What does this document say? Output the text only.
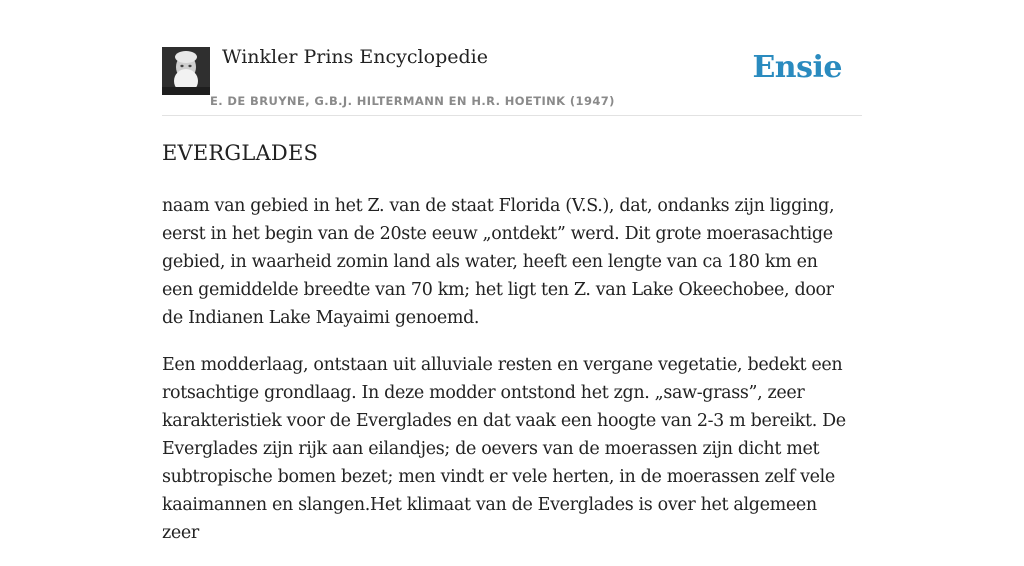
Winkler Prins Encyclopedie
E. DE BRUYNE, G.B.J. HILTERMANN EN H.R. HOETINK (1947)
Ensie
EVERGLADES

naam van gebied in het Z. van de staat Florida (V.S.), dat, ondanks zijn ligging, eerst in het begin van de 20ste eeuw „ontdekt” werd. Dit grote moerasachtige gebied, in waarheid zomin land als water, heeft een lengte van ca 180 km en een gemiddelde breedte van 70 km; het ligt ten Z. van Lake Okeechobee, door de Indianen Lake Mayaimi genoemd.

Een modderlaag, ontstaan uit alluviale resten en vergane vegetatie, bedekt een rotsachtige grondlaag. In deze modder ontstond het zgn. „saw-grass”, zeer karakteristiek voor de Everglades en dat vaak een hoogte van 2-3 m bereikt. De Everglades zijn rijk aan eilandjes; de oevers van de moerassen zijn dicht met subtropische bomen bezet; men vindt er vele herten, in de moerassen zelf vele kaaimannen en slangen.Het klimaat van de Everglades is over het algemeen zeer
